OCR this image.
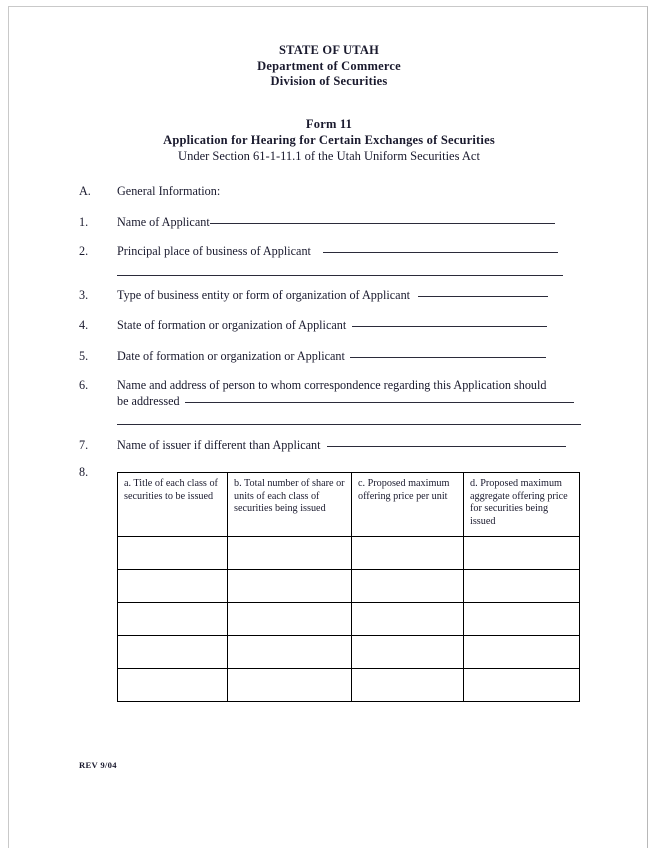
STATE OF UTAH
Department of Commerce
Division of Securities
Form 11
Application for Hearing for Certain Exchanges of Securities
Under Section 61-1-11.1 of the Utah Uniform Securities Act
A.	General Information:
1.	Name of Applicant
2.	Principal place of business of Applicant
3.	Type of business entity or form of organization of Applicant
4.	State of formation or organization of Applicant
5.	Date of formation or organization or Applicant
6.	Name and address of person to whom correspondence regarding this Application should
be addressed
7.	Name of issuer if different than Applicant
8.
a. Title of each class of securities to be issued	b. Total number of share or units of each class of securities being issued	c. Proposed maximum offering price per unit	d. Proposed maximum aggregate offering price for securities being issued

REV 9/04
